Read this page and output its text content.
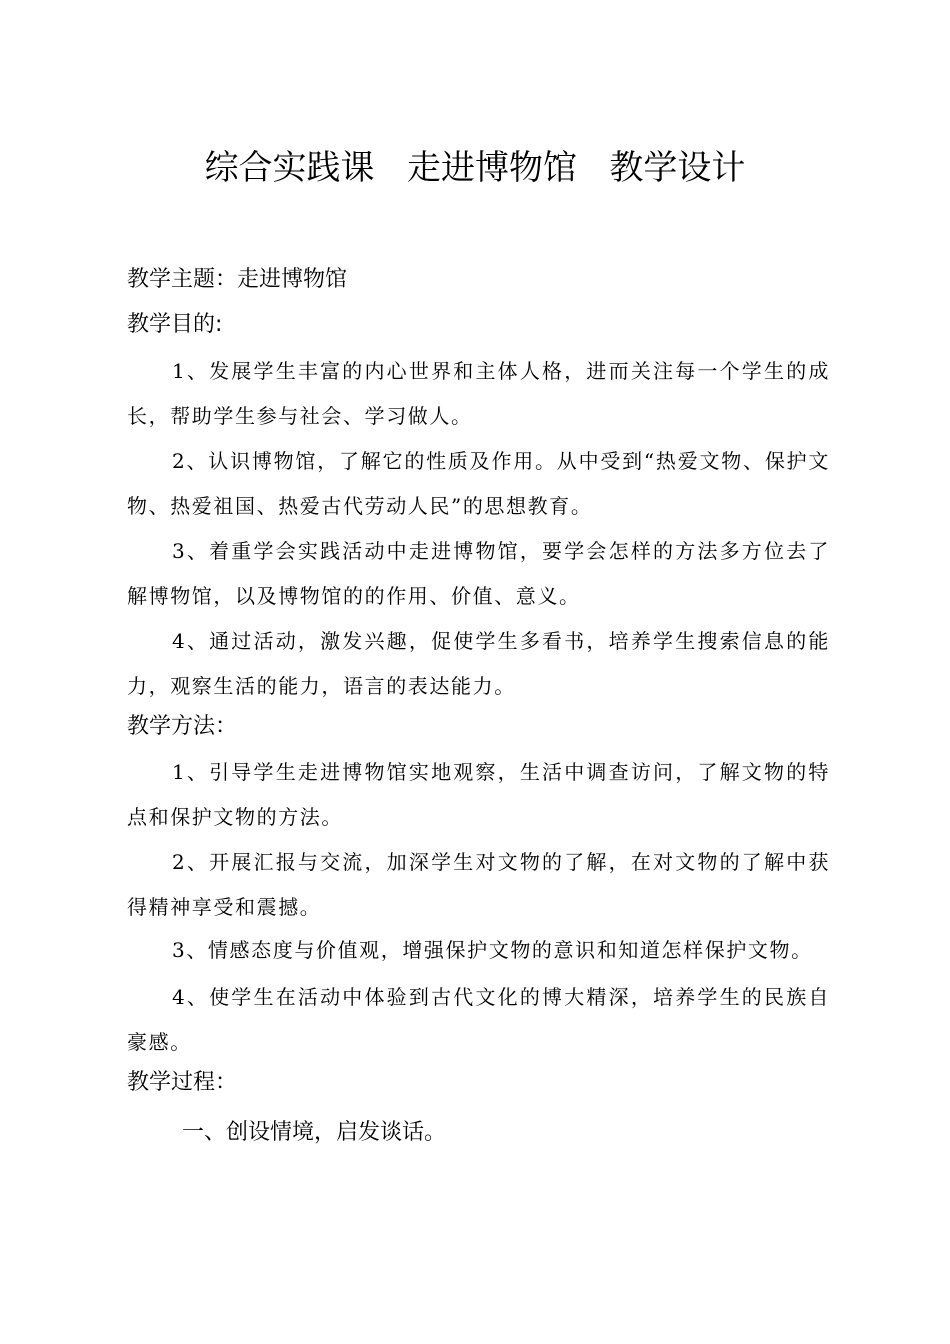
综合实践课   走进博物馆   教学设计
教学主题：走进博物馆
教学目的:

1、发展学生丰富的内心世界和主体人格，进而关注每一个学生的成长，帮助学生参与社会、学习做人。

2、认识博物馆，了解它的性质及作用。从中受到“热爱文物、保护文物、热爱祖国、热爱古代劳动人民”的思想教育。

3、着重学会实践活动中走进博物馆，要学会怎样的方法多方位去了解博物馆，以及博物馆的的作用、价值、意义。

4、通过活动，激发兴趣，促使学生多看书，培养学生搜索信息的能力，观察生活的能力，语言的表达能力。

教学方法：

1、引导学生走进博物馆实地观察，生活中调查访问，了解文物的特点和保护文物的方法。

2、开展汇报与交流，加深学生对文物的了解，在对文物的了解中获得精神享受和震撼。

3、情感态度与价值观，增强保护文物的意识和知道怎样保护文物。

4、使学生在活动中体验到古代文化的博大精深，培养学生的民族自豪感。

教学过程：
一、创设情境，启发谈话。
